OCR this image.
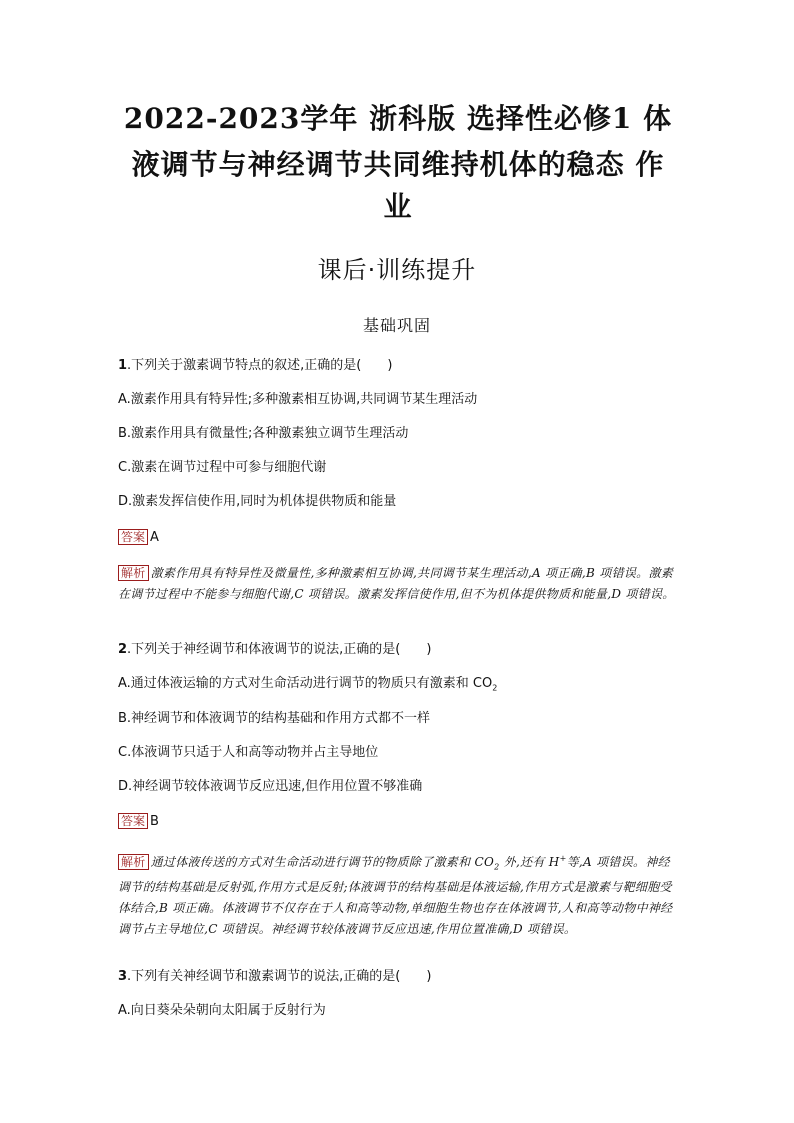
2022-2023学年 浙科版 选择性必修1 体
液调节与神经调节共同维持机体的稳态 作
业
课后·训练提升
基础巩固
1.下列关于激素调节特点的叙述,正确的是(　　)
A.激素作用具有特异性;多种激素相互协调,共同调节某生理活动
B.激素作用具有微量性;各种激素独立调节生理活动
C.激素在调节过程中可参与细胞代谢
D.激素发挥信使作用,同时为机体提供物质和能量
答案 A
解析 激素作用具有特异性及微量性,多种激素相互协调,共同调节某生理活动,A 项正确,B 项错误。激素在调节过程中不能参与细胞代谢,C 项错误。激素发挥信使作用,但不为机体提供物质和能量,D 项错误。
2.下列关于神经调节和体液调节的说法,正确的是(　　)
A.通过体液运输的方式对生命活动进行调节的物质只有激素和 $CO_2$
B.神经调节和体液调节的结构基础和作用方式都不一样
C.体液调节只适于人和高等动物并占主导地位
D.神经调节较体液调节反应迅速,但作用位置不够准确
答案 B
解析 通过体液传送的方式对生命活动进行调节的物质除了激素和 $CO_2$ 外,还有 H+等,A 项错误。神经调节的结构基础是反射弧,作用方式是反射;体液调节的结构基础是体液运输,作用方式是激素与靶细胞受体结合,B 项正确。体液调节不仅存在于人和高等动物,单细胞生物也存在体液调节,人和高等动物中神经调节占主导地位,C 项错误。神经调节较体液调节反应迅速,作用位置准确,D 项错误。
3.下列有关神经调节和激素调节的说法,正确的是(　　)
A.向日葵朵朵朝向太阳属于反射行为
